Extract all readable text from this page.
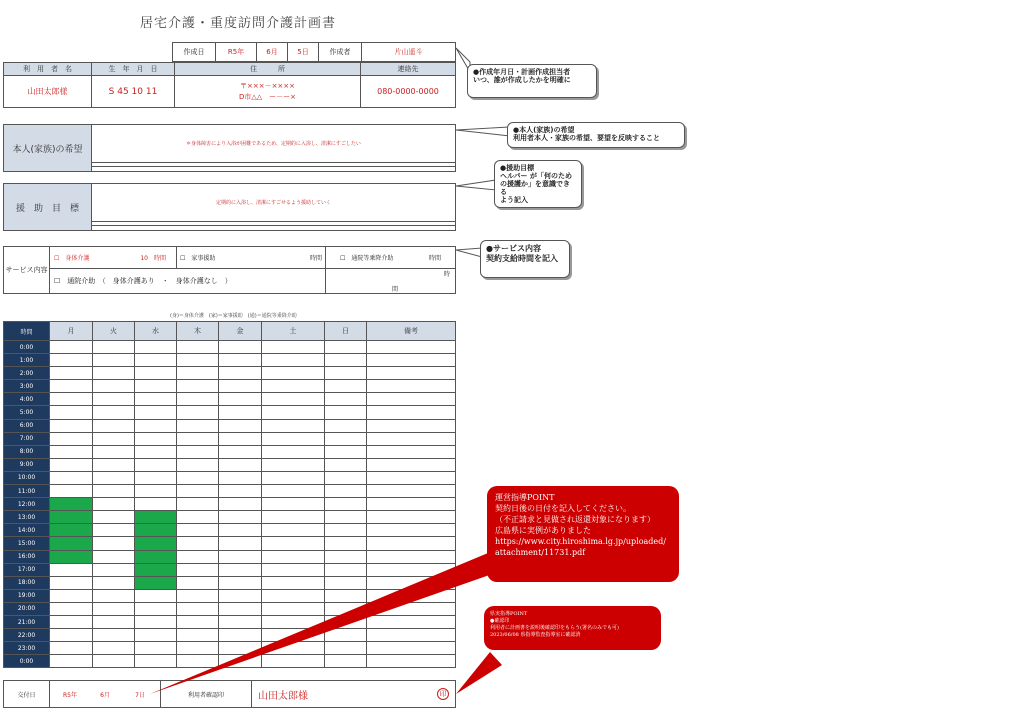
居宅介護・重度訪問介護計画書
作成日	R5年	6月	5日	作成者	片山遥斗
利　用　者　名	生　年　月　日	住　　　所	連絡先
山田太郎様	S 45 10 11	〒×××－××××
D市△△　ー－ー×	080-0000-0000
本人(家族)の希望	＊身体障害により入浴が困難であるため、定期的に入浴し、清潔にすごしたい

援　助　目　標	定期的に入浴し、清潔にすごせるよう援助していく

サービス内容	☐　身体介護 10　時間	☐　家事援助 時間	☐　通院等乗降介助 時間

	☐　通院介助　（　身体介護あり　・　身体介護なし　）		時
間
(身)＝身体介護　(家)＝家事援助　(通)＝通院等乗降介助
時間	月	火	水	木	金	土	日	備考
0:00								
1:00								
2:00								
3:00								
4:00								
5:00								
6:00								
7:00								
8:00								
9:00								
10:00								
11:00								
12:00								
13:00								
14:00								
15:00								
16:00								
17:00								
18:00								
19:00								
20:00								
21:00								
22:00								
23:00								
0:00								
交付日	R5年	6月	7日	利用者確認印	山田太郎様	印
●作成年月日・計画作成担当者
いつ、誰が作成したかを明確に
●本人(家族)の希望
利用者本人・家族の希望、要望を反映すること
●援助目標
ヘルパー が「何のため
の援護か」を意識できる
よう記入
●サービス内容
契約支給時間を記入
運営指導POINT
契約日後の日付を記入してください。
（不正請求と見做され返還対象になります）
広島県に実例がありました
https://www.city.hiroshima.lg.jp/uploaded/
attachment/11731.pdf
県実指導POINT
●確認印
利用者に計画書を説明後確認印をもらう(署名のみでも可)
2023/06/08 県指導監査指導室に確認済
